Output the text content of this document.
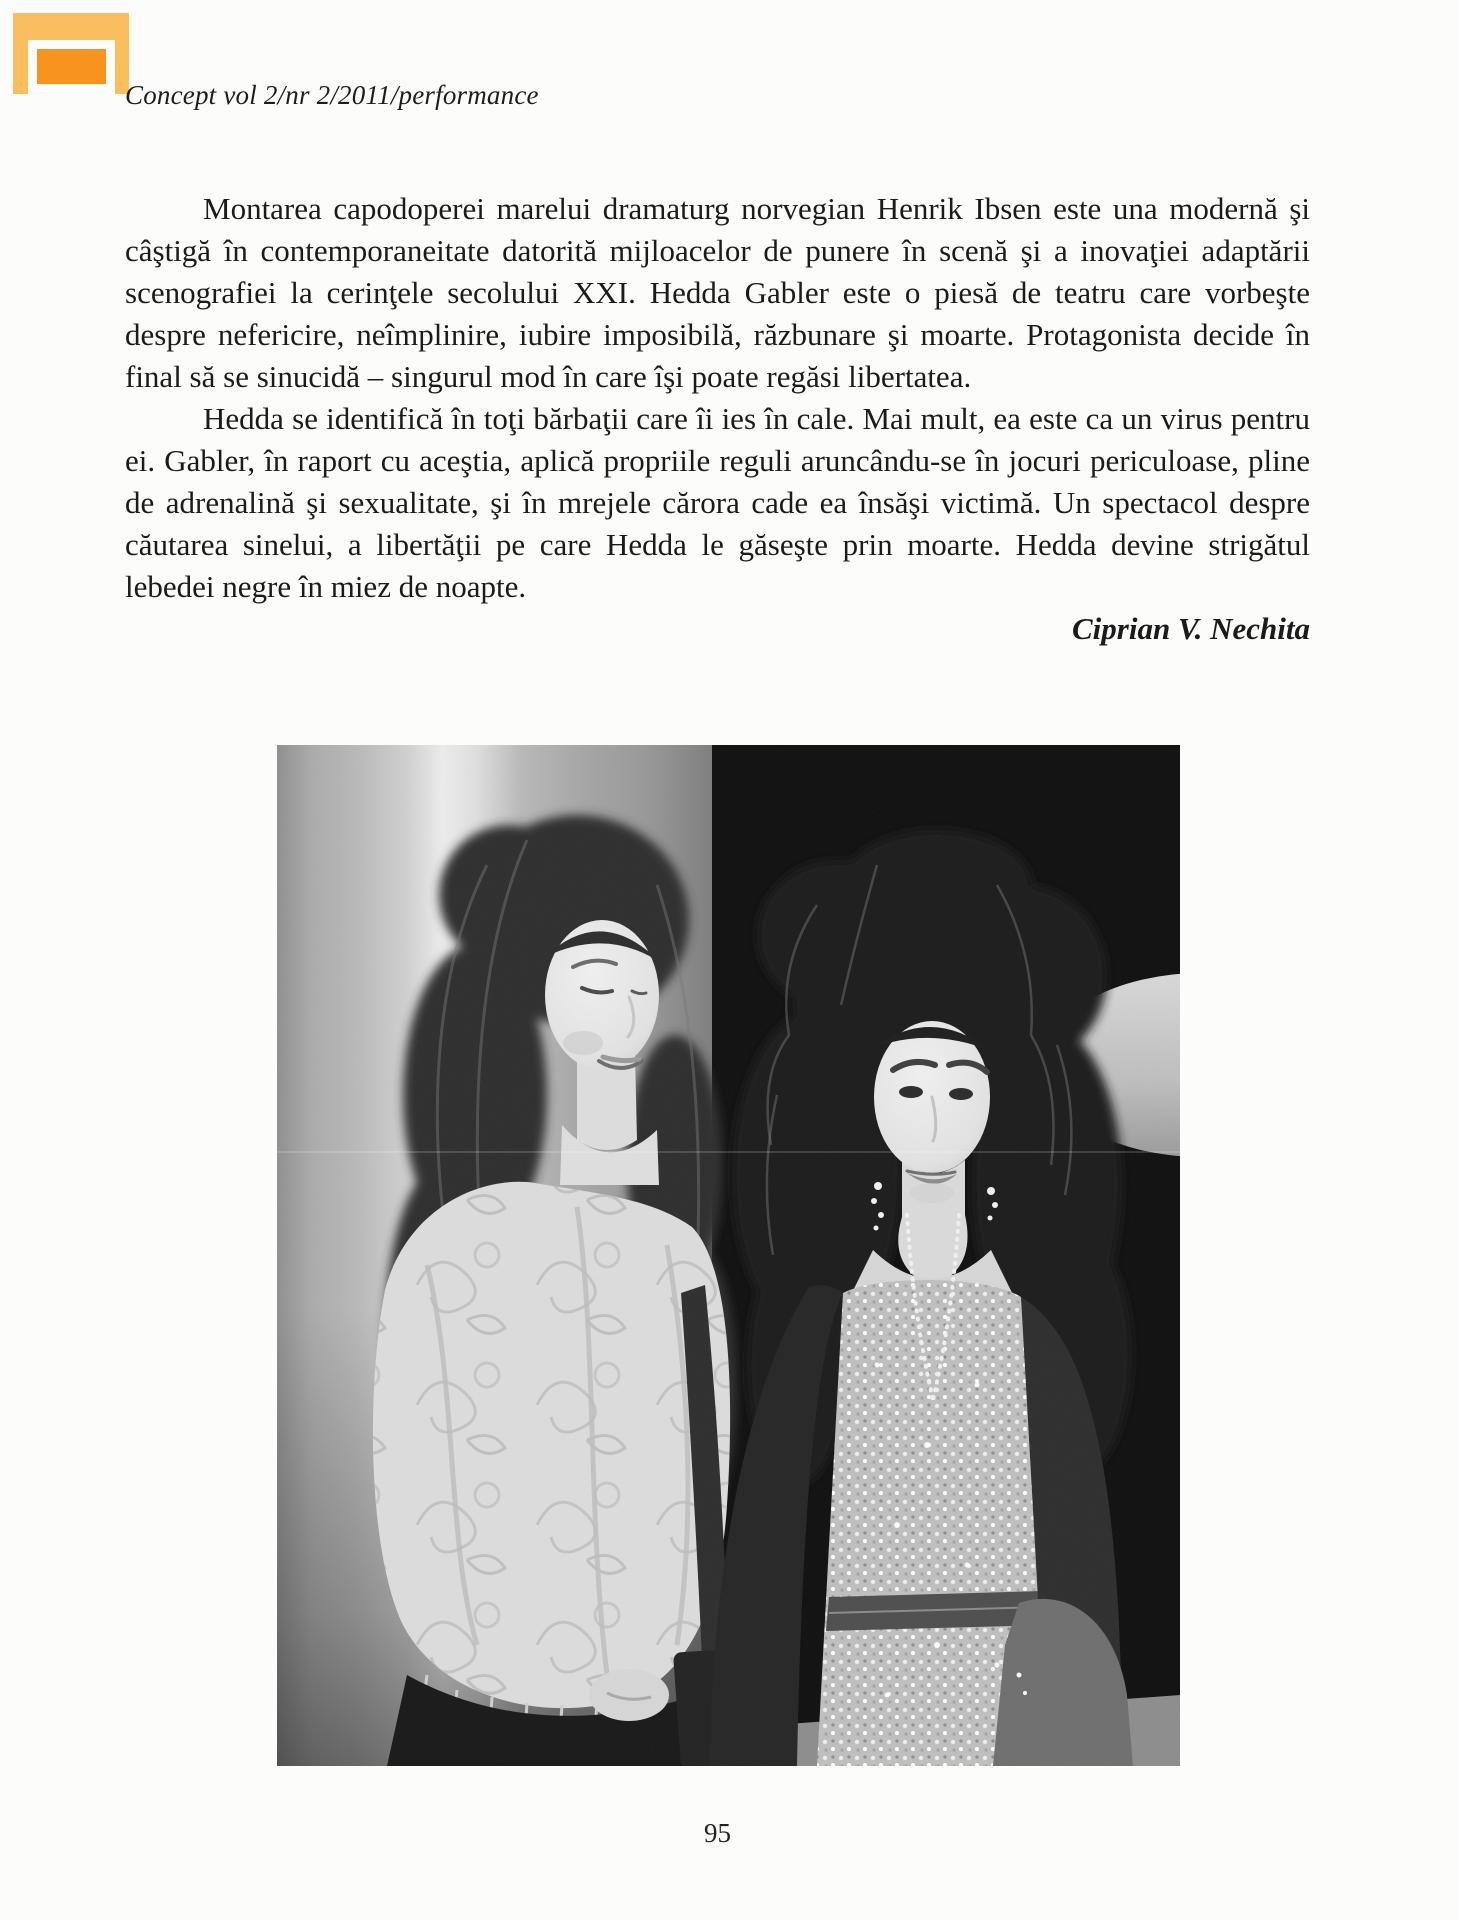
Concept vol 2/nr 2/2011/performance

Montarea capodoperei marelui dramaturg norvegian Henrik Ibsen este una modernă şi câştigă în contemporaneitate datorită mijloacelor de punere în scenă şi a inovaţiei adaptării scenografiei la cerinţele secolului XXI. Hedda Gabler este o piesă de teatru care vorbeşte despre nefericire, neîmplinire, iubire imposibilă, răzbunare şi moarte. Protagonista decide în final să se sinucidă – singurul mod în care îşi poate regăsi libertatea.

Hedda se identifică în toţi bărbaţii care îi ies în cale. Mai mult, ea este ca un virus pentru ei. Gabler, în raport cu aceştia, aplică propriile reguli aruncându-se în jocuri periculoase, pline de adrenalină şi sexualitate, şi în mrejele cărora cade ea însăşi victimă. Un spectacol despre căutarea sinelui, a libertăţii pe care Hedda le găseşte prin moarte. Hedda devine strigătul lebedei negre în miez de noapte.

Ciprian V. Nechita

95
